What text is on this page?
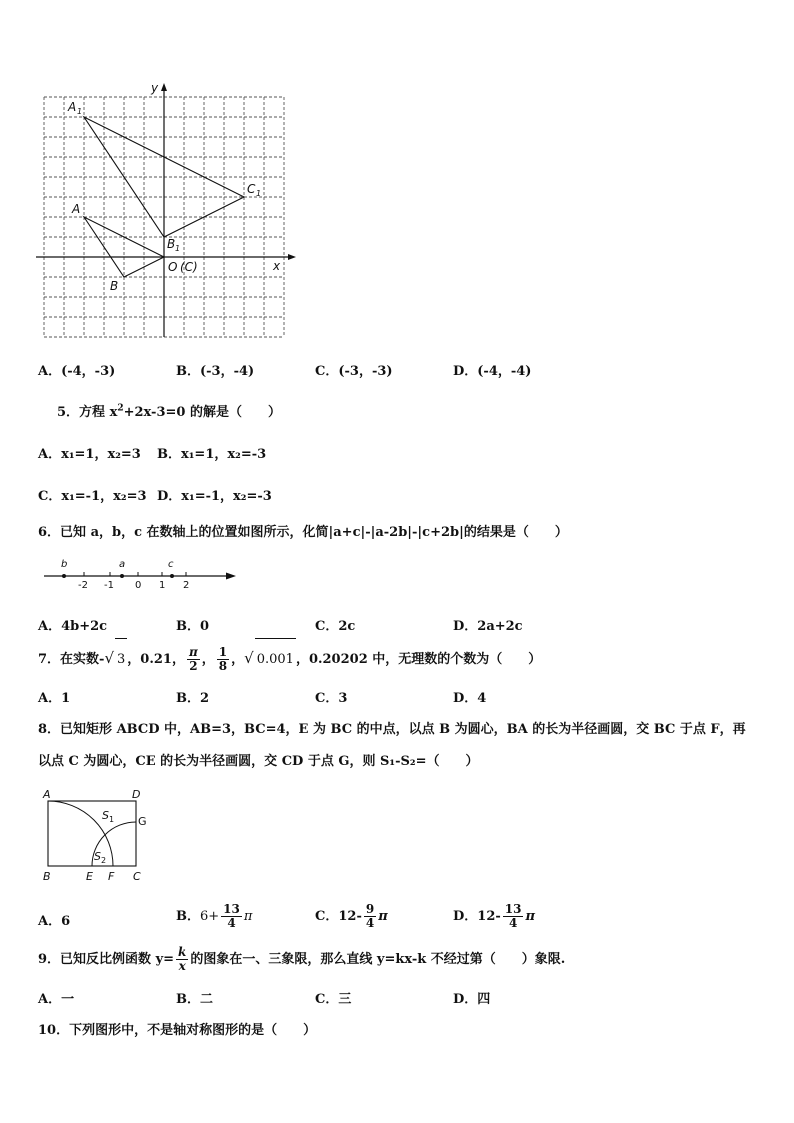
y
x
A 1
A
B
B 1
C 1
O (C)
A．(-4，-3)	B．(-3，-4)	C．(-3，-3)	D．(-4，-4)
5．方程 $x^2+2x-3=0$ 的解是（　　）
A．x₁=1，x₂=3 B．x₁=1，x₂=-3
C．x₁=-1，x₂=3 D．x₁=-1，x₂=-3
6．已知 a，b，c 在数轴上的位置如图所示，化简|a+c|-|a-2b|-|c+2b|的结果是（　　）
b	a	c
-2 -1 0 1 2
A．4b+2c	B．0	C．2c	D．2a+2c
7．在实数-√ 3 ，0.21， $\frac{\pi}{2}$ ， $\frac{1}{8}$ ，√ 0.001 ，0.20202 中，无理数的个数为（　　）
A．1	B．2	C．3	D．4
8．已知矩形 ABCD 中，AB=3，BC=4，E 为 BC 的中点，以点 B 为圆心，BA 的长为半径画圆，交 BC 于点 F，再
以点 C 为圆心，CE 的长为半径画圆，交 CD 于点 G，则 S₁-S₂=（　　）
A	D
B	C
E F
G
S 1
S 2
A．6	B．$6+ \frac{13}{4}$ π	C．$12- \frac{9}{4}$ π	D．$12- \frac{13}{4}$ π
9．已知反比例函数 $y= \frac{k}{x}$ 的图象在一、三象限，那么直线 y=kx-k 不经过第（　　）象限.
A．一	B．二	C．三	D．四
10．下列图形中，不是轴对称图形的是（　　）
